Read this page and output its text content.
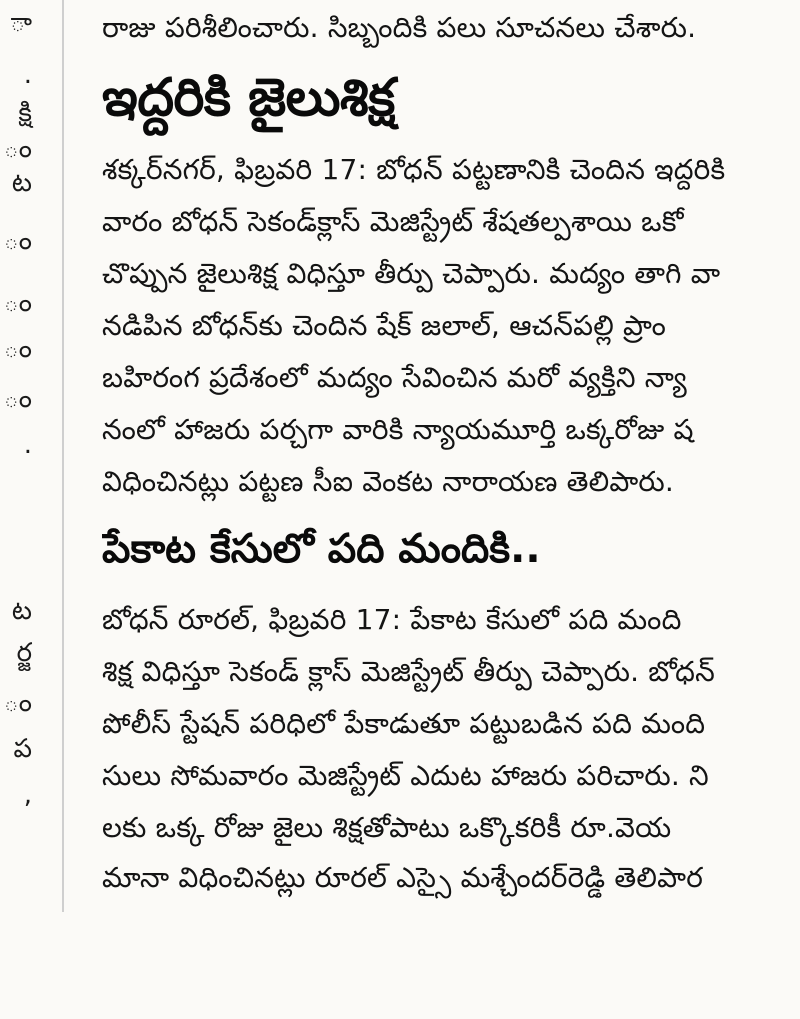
ా
.
క్షి
ం
ట
ం
ం
ం
ం
.
ట
ర్జ
ం
ప
,
రాజు పరిశీలించారు. సిబ్బందికి పలు సూచనలు చేశారు.
ఇద్దరికి జైలుశిక్ష
శక్కర్‌నగర్, ఫిబ్రవరి 17: బోధన్ పట్టణానికి చెందిన ఇద్దరికి
వారం బోధన్ సెకండ్‌క్లాస్ మెజిస్ట్రేట్ శేషతల్పశాయి ఒకో
చొప్పున జైలుశిక్ష విధిస్తూ తీర్పు చెప్పారు. మద్యం తాగి వా
నడిపిన బోధన్‌కు చెందిన షేక్ జలాల్, ఆచన్‌పల్లి ప్రాం
బహిరంగ ప్రదేశంలో మద్యం సేవించిన మరో వ్యక్తిని న్యా
నంలో హాజరు పర్చగా వారికి న్యాయమూర్తి ఒక్కరోజు ష
విధించినట్లు పట్టణ సీఐ వెంకట నారాయణ తెలిపారు.
పేకాట కేసులో పది మందికి..
బోధన్ రూరల్, ఫిబ్రవరి 17: పేకాట కేసులో పది మంది
శిక్ష విధిస్తూ సెకండ్ క్లాస్ మెజిస్ట్రేట్ తీర్పు చెప్పారు. బోధన్
పోలీస్ స్టేషన్ పరిధిలో పేకాడుతూ పట్టుబడిన పది మంది
సులు సోమవారం మెజిస్ట్రేట్ ఎదుట హాజరు పరిచారు. ని
లకు ఒక్క రోజు జైలు శిక్షతోపాటు ఒక్కొకరికీ రూ.వెయ
మానా విధించినట్లు రూరల్ ఎస్సై మశ్చేందర్‌రెడ్డి తెలిపార
